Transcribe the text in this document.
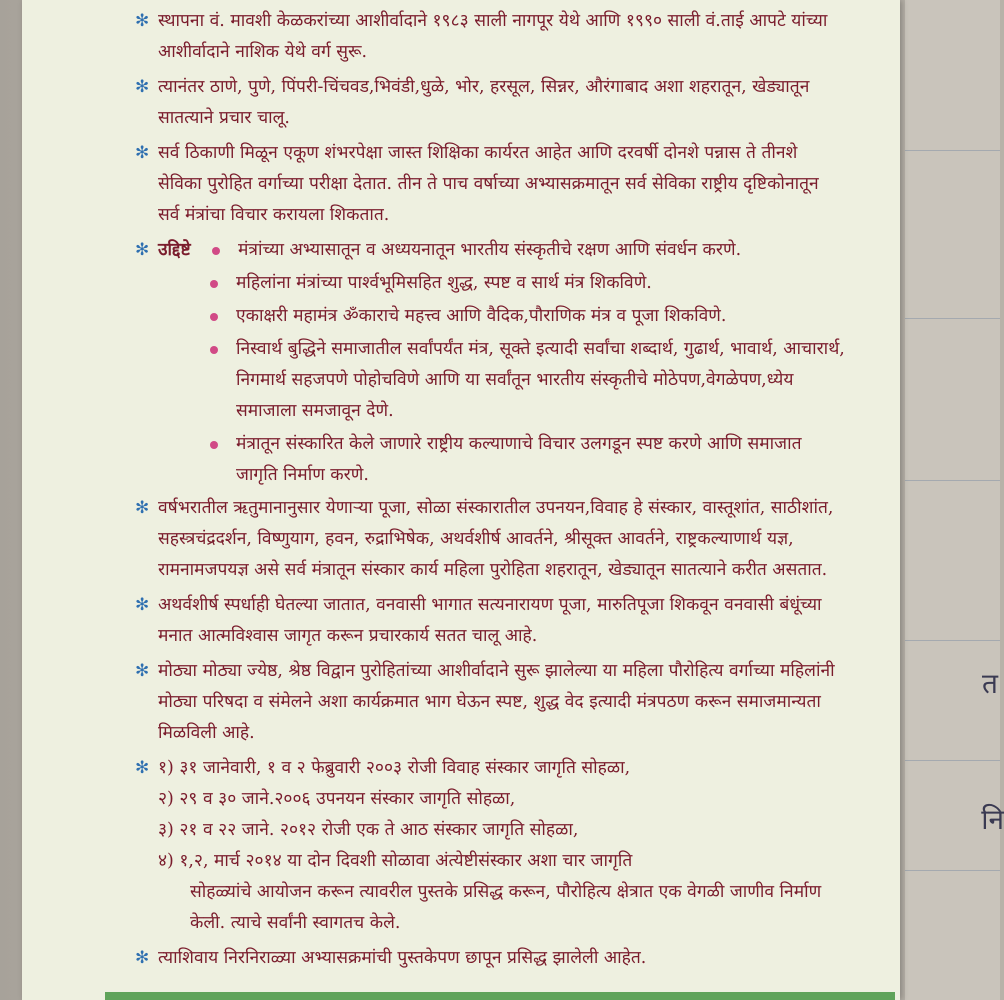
त
नि
✻ स्थापना वं. मावशी केळकरांच्या आशीर्वादाने १९८३ साली नागपूर येथे आणि १९९० साली वं.ताई आपटे यांच्या आशीर्वादाने नाशिक येथे वर्ग सुरू.
✻ त्यानंतर ठाणे, पुणे, पिंपरी-चिंचवड,भिवंडी,धुळे, भोर, हरसूल, सिन्नर, औरंगाबाद अशा शहरातून, खेड्यातून सातत्याने प्रचार चालू.
✻ सर्व ठिकाणी मिळून एकूण शंभरपेक्षा जास्त शिक्षिका कार्यरत आहेत आणि दरवर्षी दोनशे पन्नास ते तीनशे सेविका पुरोहित वर्गाच्या परीक्षा देतात. तीन ते पाच वर्षाच्या अभ्यासक्रमातून सर्व सेविका राष्ट्रीय दृष्टिकोनातून सर्व मंत्रांचा विचार करायला शिकतात.
✻ उद्दिष्टे	मंत्रांच्या अभ्यासातून व अध्ययनातून भारतीय संस्कृतीचे रक्षण आणि संवर्धन करणे.
महिलांना मंत्रांच्या पार्श्वभूमिसहित शुद्ध, स्पष्ट व सार्थ मंत्र शिकविणे.
एकाक्षरी महामंत्र ॐकाराचे महत्त्व आणि वैदिक,पौराणिक मंत्र व पूजा शिकविणे.
निस्वार्थ बुद्धिने समाजातील सर्वांपर्यंत मंत्र, सूक्ते इत्यादी सर्वांचा शब्दार्थ, गुढार्थ, भावार्थ, आचारार्थ, निगमार्थ सहजपणे पोहोचविणे आणि या सर्वांतून भारतीय संस्कृतीचे मोठेपण,वेगळेपण,ध्येय समाजाला समजावून देणे.
मंत्रातून संस्कारित केले जाणारे राष्ट्रीय कल्याणाचे विचार उलगडून स्पष्ट करणे आणि समाजात जागृति निर्माण करणे.
✻ वर्षभरातील ऋतुमानानुसार येणाऱ्या पूजा, सोळा संस्कारातील उपनयन,विवाह हे संस्कार, वास्तूशांत, साठीशांत, सहस्त्रचंद्रदर्शन, विष्णुयाग, हवन, रुद्राभिषेक, अथर्वशीर्ष आवर्तने, श्रीसूक्त आवर्तने, राष्ट्रकल्याणार्थ यज्ञ, रामनामजपयज्ञ असे सर्व मंत्रातून संस्कार कार्य महिला पुरोहिता शहरातून, खेड्यातून सातत्याने करीत असतात.
✻ अथर्वशीर्ष स्पर्धाही घेतल्या जातात, वनवासी भागात सत्यनारायण पूजा, मारुतिपूजा शिकवून वनवासी बंधूंच्या मनात आत्मविश्वास जागृत करून प्रचारकार्य सतत चालू आहे.
✻ मोठ्या मोठ्या ज्येष्ठ, श्रेष्ठ विद्वान पुरोहितांच्या आशीर्वादाने सुरू झालेल्या या महिला पौरोहित्य वर्गाच्या महिलांनी मोठ्या परिषदा व संमेलने अशा कार्यक्रमात भाग घेऊन स्पष्ट, शुद्ध वेद इत्यादी मंत्रपठण करून समाजमान्यता मिळविली आहे.
✻ १) ३१ जानेवारी, १ व २ फेब्रुवारी २००३ रोजी विवाह संस्कार जागृति सोहळा,
२) २९ व ३० जाने.२००६ उपनयन संस्कार जागृति सोहळा,
३) २१ व २२ जाने. २०१२ रोजी एक ते आठ संस्कार जागृति सोहळा,
४) १,२, मार्च २०१४ या दोन दिवशी सोळावा अंत्येष्टीसंस्कार अशा चार जागृति
सोहळ्यांचे आयोजन करून त्यावरील पुस्तके प्रसिद्ध करून, पौरोहित्य क्षेत्रात एक वेगळी जाणीव निर्माण केली. त्याचे सर्वांनी स्वागतच केले.
✻ त्याशिवाय निरनिराळ्या अभ्यासक्रमांची पुस्तकेपण छापून प्रसिद्ध झालेली आहेत.
